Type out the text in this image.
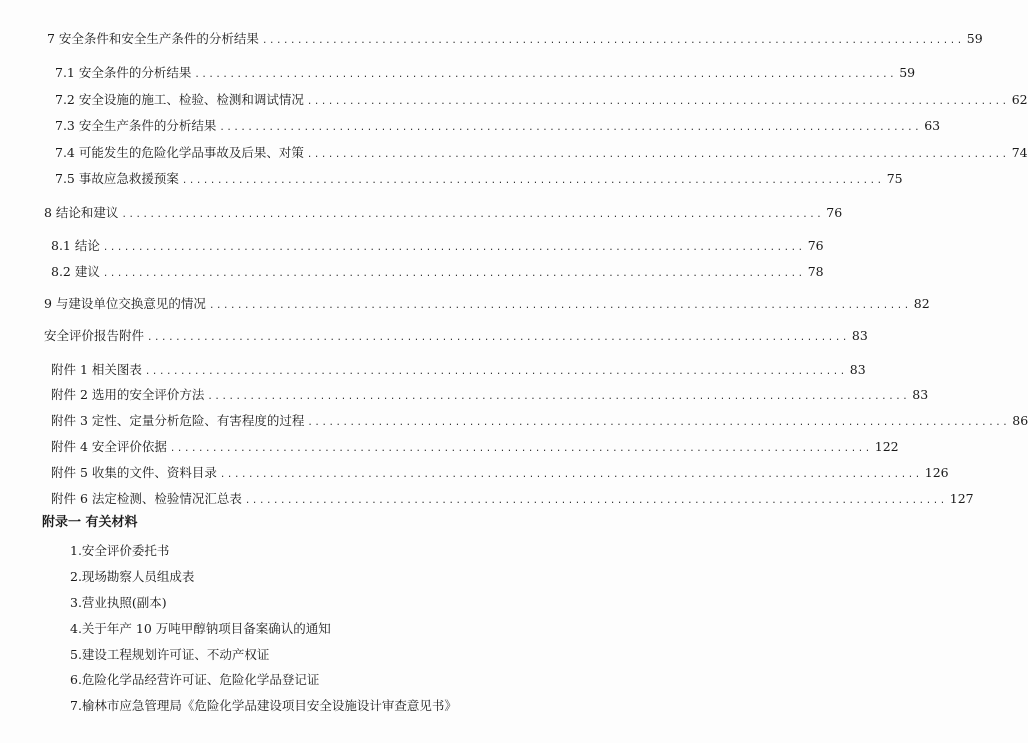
7 安全条件和安全生产条件的分析结果 .................................................................................................... 59
7.1 安全条件的分析结果 .................................................................................................... 59
7.2 安全设施的施工、检验、检测和调试情况 .................................................................................................... 62
7.3 安全生产条件的分析结果 .................................................................................................... 63
7.4 可能发生的危险化学品事故及后果、对策 .................................................................................................... 74
7.5 事故应急救援预案 .................................................................................................... 75
8 结论和建议 .................................................................................................... 76
8.1 结论 .................................................................................................... 76
8.2 建议 .................................................................................................... 78
9 与建设单位交换意见的情况 .................................................................................................... 82
安全评价报告附件 .................................................................................................... 83
附件 1 相关图表 .................................................................................................... 83
附件 2 选用的安全评价方法 .................................................................................................... 83
附件 3 定性、定量分析危险、有害程度的过程 .................................................................................................... 86
附件 4 安全评价依据 .................................................................................................... 122
附件 5 收集的文件、资料目录 .................................................................................................... 126
附件 6 法定检测、检验情况汇总表 .................................................................................................... 127
附录一 有关材料
1.安全评价委托书
2.现场勘察人员组成表
3.营业执照(副本)
4.关于年产 10 万吨甲醇钠项目备案确认的通知
5.建设工程规划许可证、不动产权证
6.危险化学品经营许可证、危险化学品登记证
7.榆林市应急管理局《危险化学品建设项目安全设施设计审查意见书》
